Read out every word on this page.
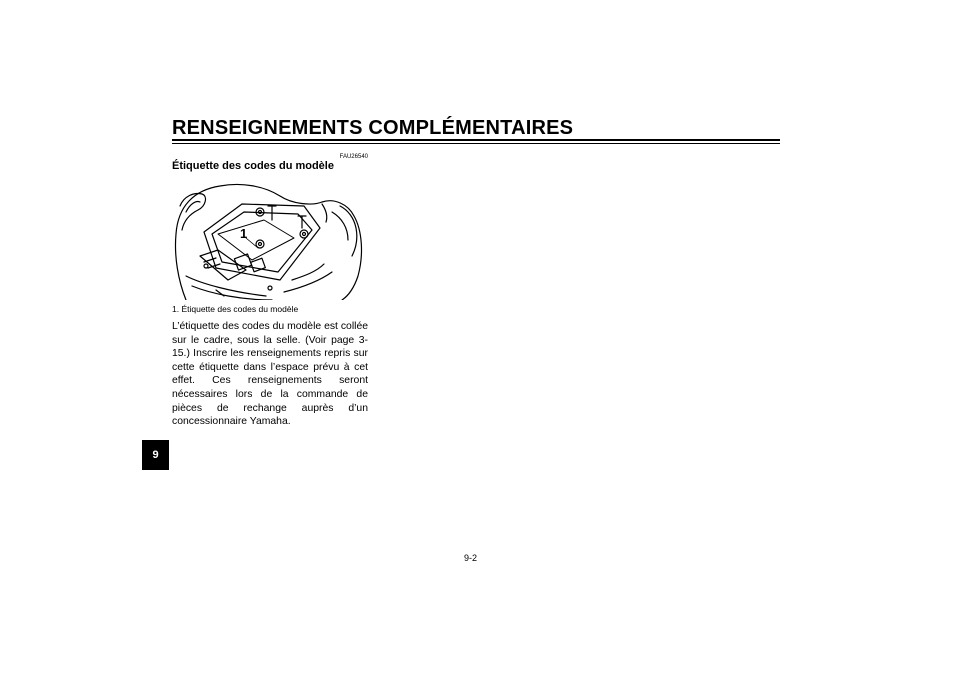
RENSEIGNEMENTS COMPLÉMENTAIRES
9
FAU26540
Étiquette des codes du modèle
1
1. Étiquette des codes du modèle
L’étiquette des codes du modèle est collée sur le cadre, sous la selle. (Voir page 3-15.) Inscrire les renseignements repris sur cette étiquette dans l’espace prévu à cet effet. Ces renseignements seront nécessaires lors de la commande de pièces de rechange auprès d’un concessionnaire Yamaha.
9-2
